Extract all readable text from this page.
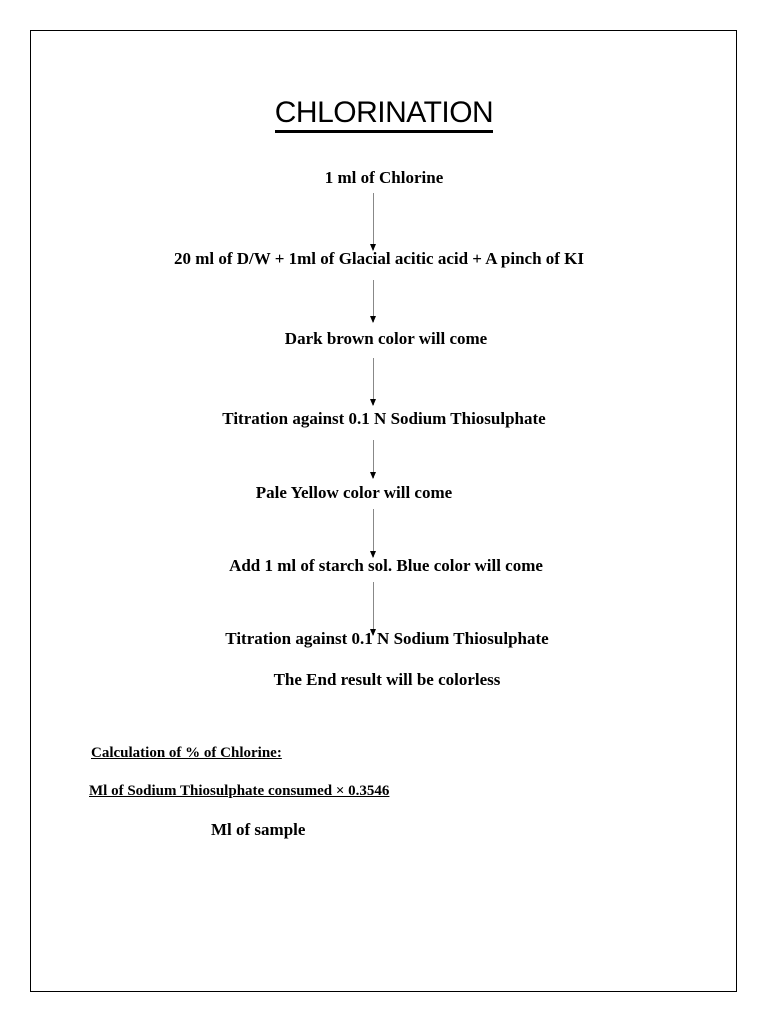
CHLORINATION
1 ml of Chlorine
20 ml of D/W + 1ml of Glacial acitic acid + A pinch of KI
Dark brown color will come
Titration against 0.1 N Sodium Thiosulphate
Pale Yellow color will come
Add 1 ml of starch sol. Blue color will come
Titration against 0.1 N Sodium Thiosulphate
The End result will be colorless
Calculation of % of Chlorine:
Ml of Sodium Thiosulphate consumed × 0.3546
Ml of sample
